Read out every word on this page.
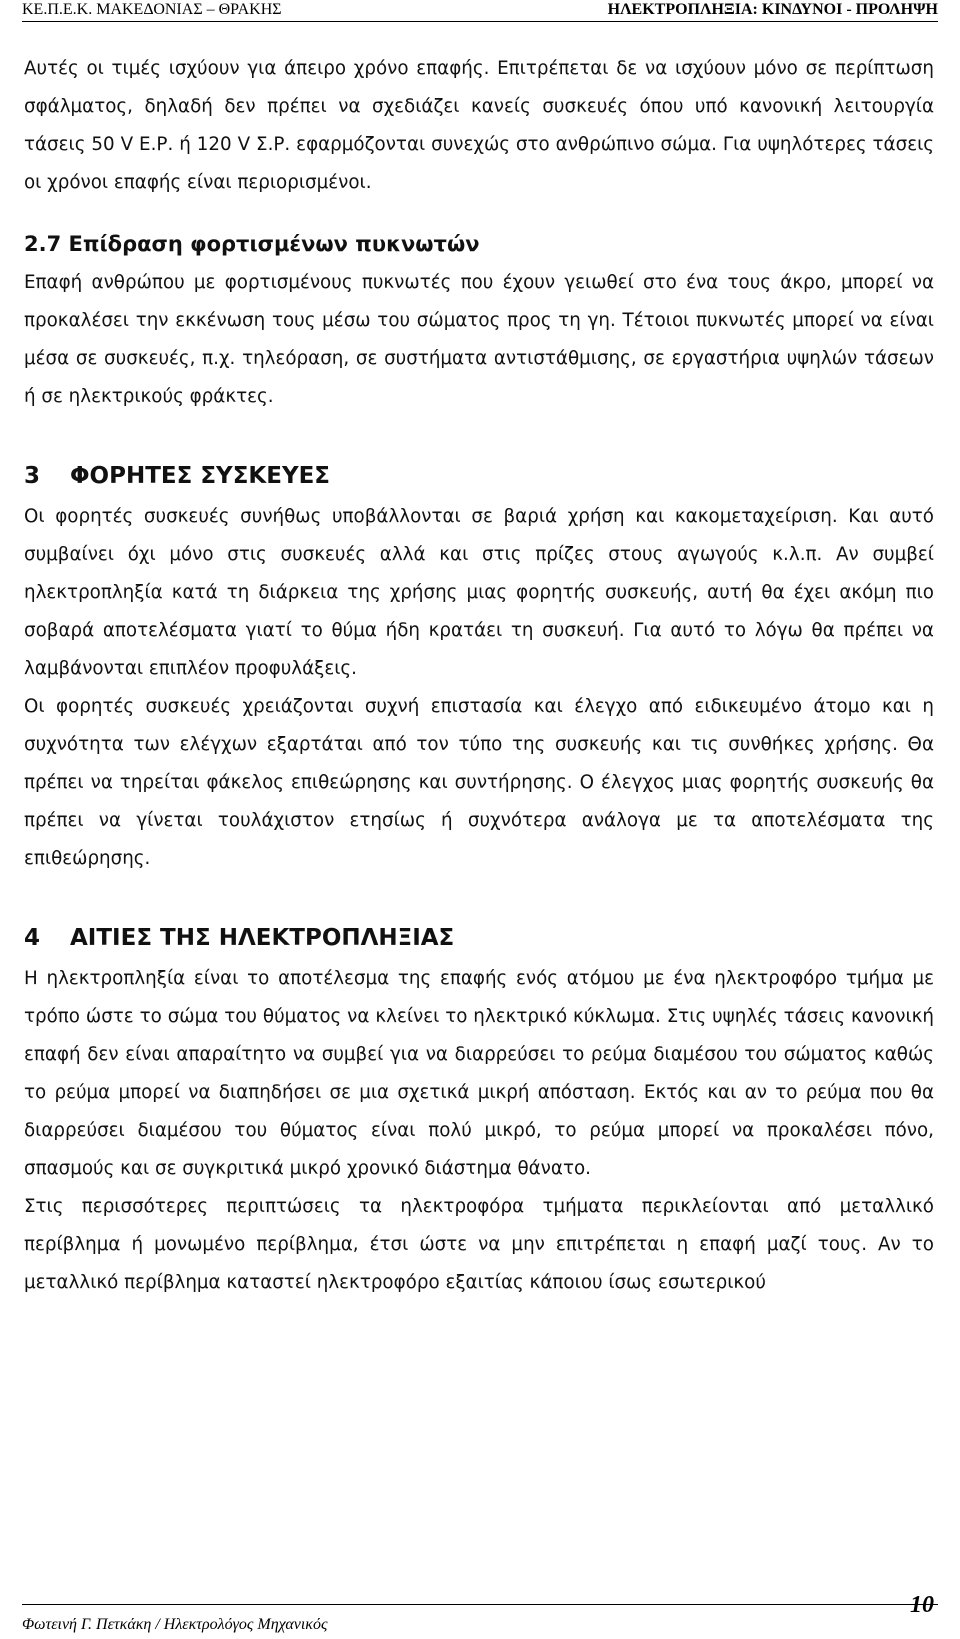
ΚΕ.Π.Ε.Κ. ΜΑΚΕΔΟΝΙΑΣ – ΘΡΑΚΗΣ	ΗΛΕΚΤΡΟΠΛΗΞΙΑ: ΚΙΝΔΥΝΟΙ - ΠΡΟΛΗΨΗ

Αυτές οι τιμές ισχύουν για άπειρο χρόνο επαφής. Επιτρέπεται δε να ισχύουν μόνο σε περίπτωση σφάλματος, δηλαδή δεν πρέπει να σχεδιάζει κανείς συσκευές όπου υπό κανονική λειτουργία τάσεις 50 V Ε.Ρ. ή 120 V Σ.Ρ. εφαρμόζονται συνεχώς στο ανθρώπινο σώμα. Για υψηλότερες τάσεις οι χρόνοι επαφής είναι περιορισμένοι.

2.7 Επίδραση φορτισμένων πυκνωτών

Επαφή ανθρώπου με φορτισμένους πυκνωτές που έχουν γειωθεί στο ένα τους άκρο, μπορεί να προκαλέσει την εκκένωση τους μέσω του σώματος προς τη γη. Τέτοιοι πυκνωτές μπορεί να είναι μέσα σε συσκευές, π.χ. τηλεόραση, σε συστήματα αντιστάθμισης, σε εργαστήρια υψηλών τάσεων ή σε ηλεκτρικούς φράκτες.

3 ΦΟΡΗΤΕΣ ΣΥΣΚΕΥΕΣ

Οι φορητές συσκευές συνήθως υποβάλλονται σε βαριά χρήση και κακομεταχείριση. Και αυτό συμβαίνει όχι μόνο στις συσκευές αλλά και στις πρίζες στους αγωγούς κ.λ.π. Αν συμβεί ηλεκτροπληξία κατά τη διάρκεια της χρήσης μιας φορητής συσκευής, αυτή θα έχει ακόμη πιο σοβαρά αποτελέσματα γιατί το θύμα ήδη κρατάει τη συσκευή. Για αυτό το λόγω θα πρέπει να λαμβάνονται επιπλέον προφυλάξεις.

Οι φορητές συσκευές χρειάζονται συχνή επιστασία και έλεγχο από ειδικευμένο άτομο και η συχνότητα των ελέγχων εξαρτάται από τον τύπο της συσκευής και τις συνθήκες χρήσης. Θα πρέπει να τηρείται φάκελος επιθεώρησης και συντήρησης. Ο έλεγχος μιας φορητής συσκευής θα πρέπει να γίνεται τουλάχιστον ετησίως ή συχνότερα ανάλογα με τα αποτελέσματα της επιθεώρησης.

4 ΑΙΤΙΕΣ ΤΗΣ ΗΛΕΚΤΡΟΠΛΗΞΙΑΣ

Η ηλεκτροπληξία είναι το αποτέλεσμα της επαφής ενός ατόμου με ένα ηλεκτροφόρο τμήμα με τρόπο ώστε το σώμα του θύματος να κλείνει το ηλεκτρικό κύκλωμα. Στις υψηλές τάσεις κανονική επαφή δεν είναι απαραίτητο να συμβεί για να διαρρεύσει το ρεύμα διαμέσου του σώματος καθώς το ρεύμα μπορεί να διαπηδήσει σε μια σχετικά μικρή απόσταση. Εκτός και αν το ρεύμα που θα διαρρεύσει διαμέσου του θύματος είναι πολύ μικρό, το ρεύμα μπορεί να προκαλέσει πόνο, σπασμούς και σε συγκριτικά μικρό χρονικό διάστημα θάνατο.

Στις περισσότερες περιπτώσεις τα ηλεκτροφόρα τμήματα περικλείονται από μεταλλικό περίβλημα ή μονωμένο περίβλημα, έτσι ώστε να μην επιτρέπεται η επαφή μαζί τους. Αν το μεταλλικό περίβλημα καταστεί ηλεκτροφόρο εξαιτίας κάποιου ίσως εσωτερικού

Φωτεινή Γ. Πετκάκη / Ηλεκτρολόγος Μηχανικός
10
